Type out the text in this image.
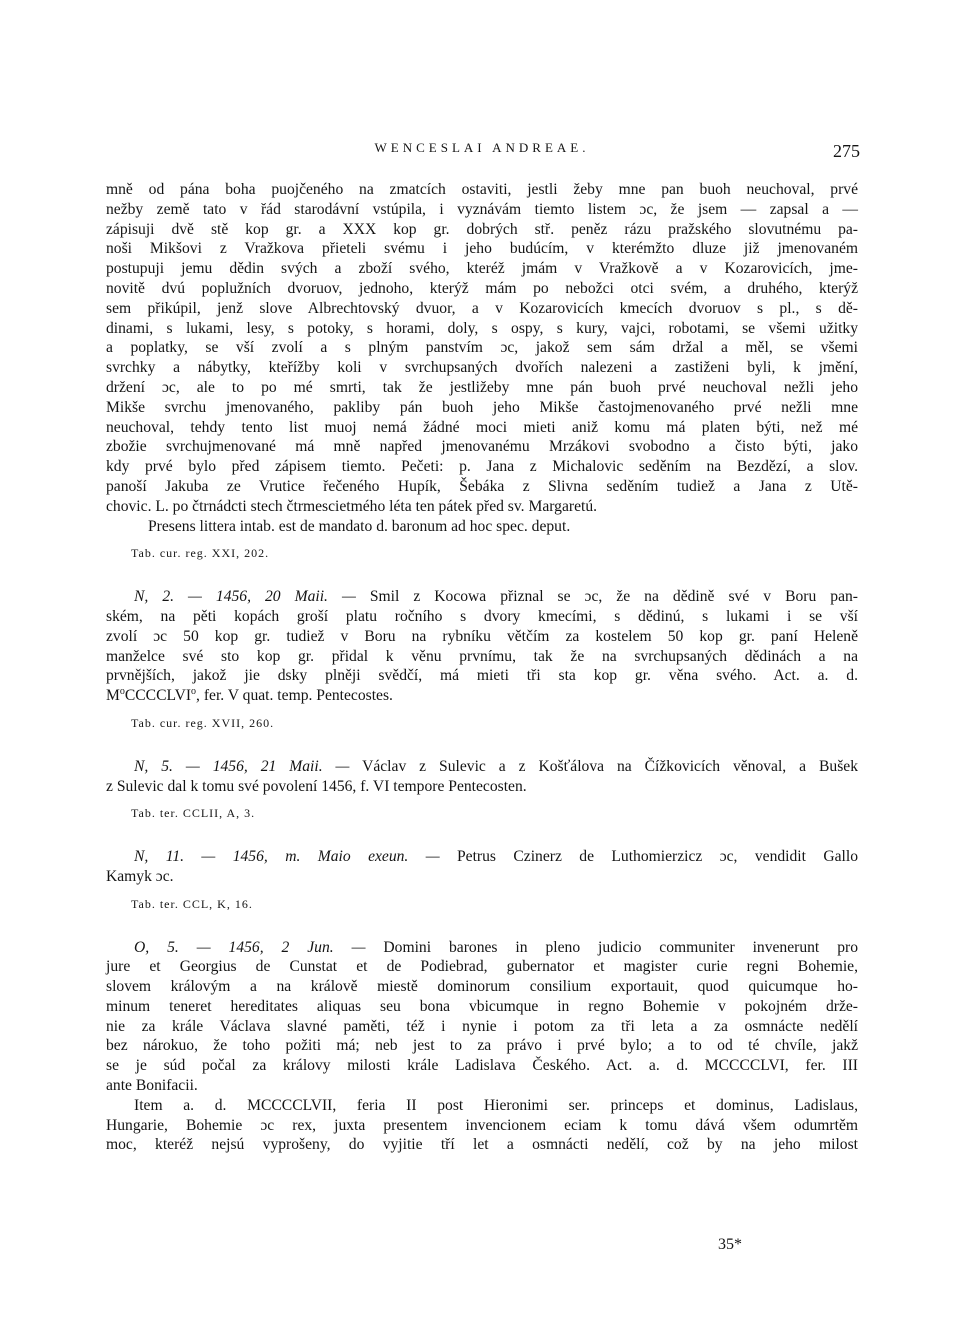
WENCESLAI ANDREAE.	275
mně od pána boha puojčeného na zmatcích ostaviti, jestli žeby mne pan buoh neuchoval, prvé
nežby země tato v řád starodávní vstúpila, i vyznávám tiemto listem ɔc, že jsem — zapsal a —
zápisuji dvě stě kop gr. a XXX kop gr. dobrých stř. peněz rázu pražského slovutnému pa-
noši Mikšovi z Vražkova přieteli svému i jeho budúcím, v kterémžto dluze již jmenovaném
postupuji jemu dědin svých a zboží svého, kteréž jmám v Vražkově a v Kozarovicích, jme-
novitě dvú poplužních dvoruov, jednoho, kterýž mám po nebožci otci svém, a druhého, kterýž
sem přikúpil, jenž slove Albrechtovský dvuor, a v Kozarovicích kmecích dvoruov s pl., s dě-
dinami, s lukami, lesy, s potoky, s horami, doly, s ospy, s kury, vajci, robotami, se všemi užitky
a poplatky, se vší zvolí a s plným panstvím ɔc, jakož sem sám držal a měl, se všemi
svrchky a nábytky, kteřížby koli v svrchupsaných dvořích nalezeni a zastiženi byli, k jmění,
držení ɔc, ale to po mé smrti, tak že jestližeby mne pán buoh prvé neuchoval nežli jeho
Mikše svrchu jmenovaného, pakliby pán buoh jeho Mikše častojmenovaného prvé nežli mne
neuchoval, tehdy tento list muoj nemá žádné moci mieti aniž komu má platen býti, než mé
zbožie svrchujmenované má mně napřed jmenovanému Mrzákovi svobodno a čisto býti, jako
kdy prvé bylo před zápisem tiemto. Pečeti: p. Jana z Michalovic seděním na Bezdězí, a slov.
panoší Jakuba ze Vrutice řečeného Hupík, Šebáka z Slivna seděním tudiež a Jana z Utě-
chovic. L. po čtrnádcti stech čtrmescietmého léta ten pátek před sv. Margaretú.
Presens littera intab. est de mandato d. baronum ad hoc spec. deput.
Tab. cur. reg. XXI, 202.
N, 2. — 1456, 20 Maii. — Smil z Kocowa přiznal se ɔc, že na dědině své v Boru pan-
ském, na pěti kopách groší platu ročního s dvory kmecími, s dědinú, s lukami i se vší
zvolí ɔc 50 kop gr. tudiež v Boru na rybníku větčím za kostelem 50 kop gr. paní Heleně
manželce své sto kop gr. přidal k věnu prvnímu, tak že na svrchupsaných dědinách a na
prvnějších, jakož jie dsky plněji svědčí, má mieti tři sta kop gr. věna svého. Act. a. d.
$M^oCCCCLVI^o$, fer. V quat. temp. Pentecostes.
Tab. cur. reg. XVII, 260.
N, 5. — 1456, 21 Maii. — Václav z Sulevic a z Košťálova na Čížkovicích věnoval, a Bušek
z Sulevic dal k tomu své povolení 1456, f. VI tempore Pentecosten.
Tab. ter. CCLII, A, 3.
N, 11. — 1456, m. Maio exeun. — Petrus Czinerz de Luthomierzicz ɔc, vendidit Gallo
Kamyk ɔc.
Tab. ter. CCL, K, 16.
O, 5. — 1456, 2 Jun. — Domini barones in pleno judicio communiter invenerunt pro
jure et Georgius de Cunstat et de Podiebrad, gubernator et magister curie regni Bohemie,
slovem královým a na králově miestě dominorum consilium exportauit, quod quicumque ho-
minum teneret hereditates aliquas seu bona vbicumque in regno Bohemie v pokojném drže-
nie za krále Václava slavné paměti, též i nynie i potom za tři leta a za osmnácte nedělí
bez nárokuo, že toho požiti má; neb jest to za právo i prvé bylo; a to od té chvíle, jakž
se je súd počal za královy milosti krále Ladislava Českého. Act. a. d. MCCCCLVI, fer. III
ante Bonifacii.
Item a. d. MCCCCLVII, feria II post Hieronimi ser. princeps et dominus, Ladislaus,
Hungarie, Bohemie ɔc rex, juxta presentem invencionem eciam k tomu dává všem odumrtěm
moc, kteréž nejsú vyprošeny, do vyjitie tří let a osmnácti nedělí, což by na jeho milost
35*
